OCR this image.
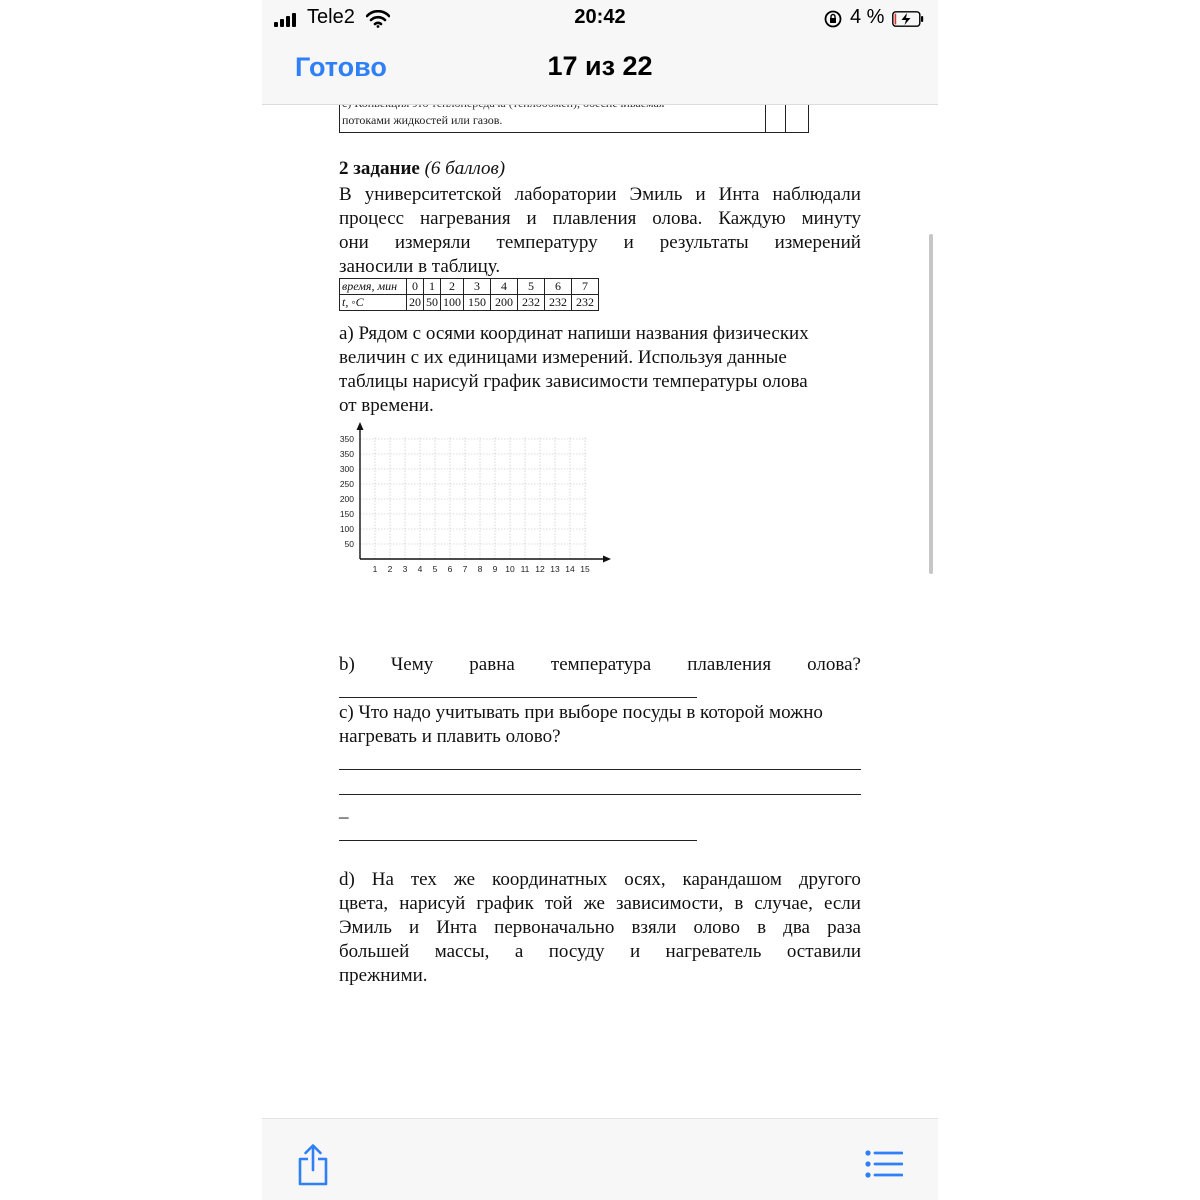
потоками жидкостей или газов.
2 задание (6 баллов)
В университетской лаборатории Эмиль и Инта наблюдали
процесс нагревания и плавления олова. Каждую минуту
они измеряли температуру и результаты измерений
заносили в таблицу.
время, мин	0	1	2	3	4	5	6	7
t, ◦C	20	50	100	150	200	232	232	232
а) Рядом с осями координат напиши названия физических
величин с их единицами измерений. Используя данные
таблицы нарисуй график зависимости температуры олова
от времени.
1 2 3 4 5 6 7 8 9 10 11 12 13 14 15
50
100
150
200
250
300
350
350
b) Чему равна температура плавления олова?
с) Что надо учитывать при выборе посуды в которой можно
нагревать и плавить олово?
_
d) На тех же координатных осях, карандашом другого
цвета, нарисуй график той же зависимости, в случае, если
Эмиль и Инта первоначально взяли олово в два раза
большей массы, а посуду и нагреватель оставили
прежними.
Tele2	20:42	4 %
Готово	17 из 22
